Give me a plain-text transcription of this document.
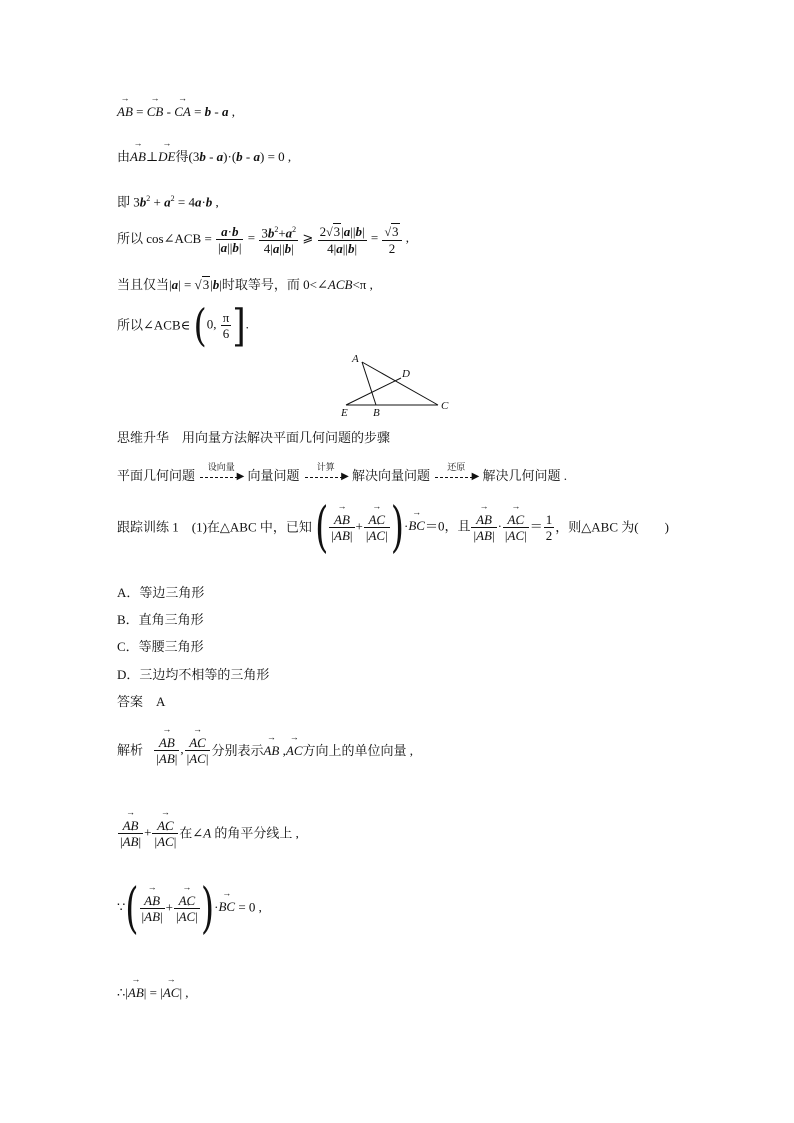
→ AB = → CB - → CA = b - a ,
由→ AB⊥→ DE得(3b - a)·(b - a) = 0 ,
即 $3b^2 + a^2 = 4a\cdot b$ ,
所以 cos∠ACB = $\frac{a\cdot b}{|a||b|} = \frac{3b^2+a^2}{4|a||b|}$ ⩾ $\frac{2√3|a||b|}{4|a||b|} = \frac{√3}{2}$ ,
当且仅当|a| = √3|b|时取等号，而 0<∠ACB<π ,
所以∠ACB∈ (0, $\frac{\pi}{6}$ ].
A
D
E B
C
思维升华　 用向量方法解决平面几何问题的步骤
平面几何问题
设向量
▶ 向量问题
计算
▶ 解决向量问题
还原
▶ 解决几何问题 .
跟踪训练 1　(1)在△ABC 中，已知 ( → $\frac{AB}{|\to AB|}$ + → $\frac{AC}{|\to AC|}$ )·→ BC＝0，且 → $\frac{AB}{|\to AB|}$ · → $\frac{AC}{|\to AC|} = \frac{1}{2}$ ，则△ABC 为(　　)
A．等边三角形
B．直角三角形
C．等腰三角形
D．三边均不相等的三角形
答案　 A
解析 → $\frac{AB}{|\to AB|}$ , → $\frac{AC}{|\to AC|}$ 分别表示→ AB ,→ AC方向上的单位向量 ,
→ $\frac{AB}{|\to AB|}$ + → $\frac{AC}{|\to AC|}$ 在∠A 的角平分线上 ,
∵( → $\frac{AB}{|\to AB|}$ + → $\frac{AC}{|\to AC|}$ )·→ BC = 0 ,
∴|→ AB| = |→ AC| ,
